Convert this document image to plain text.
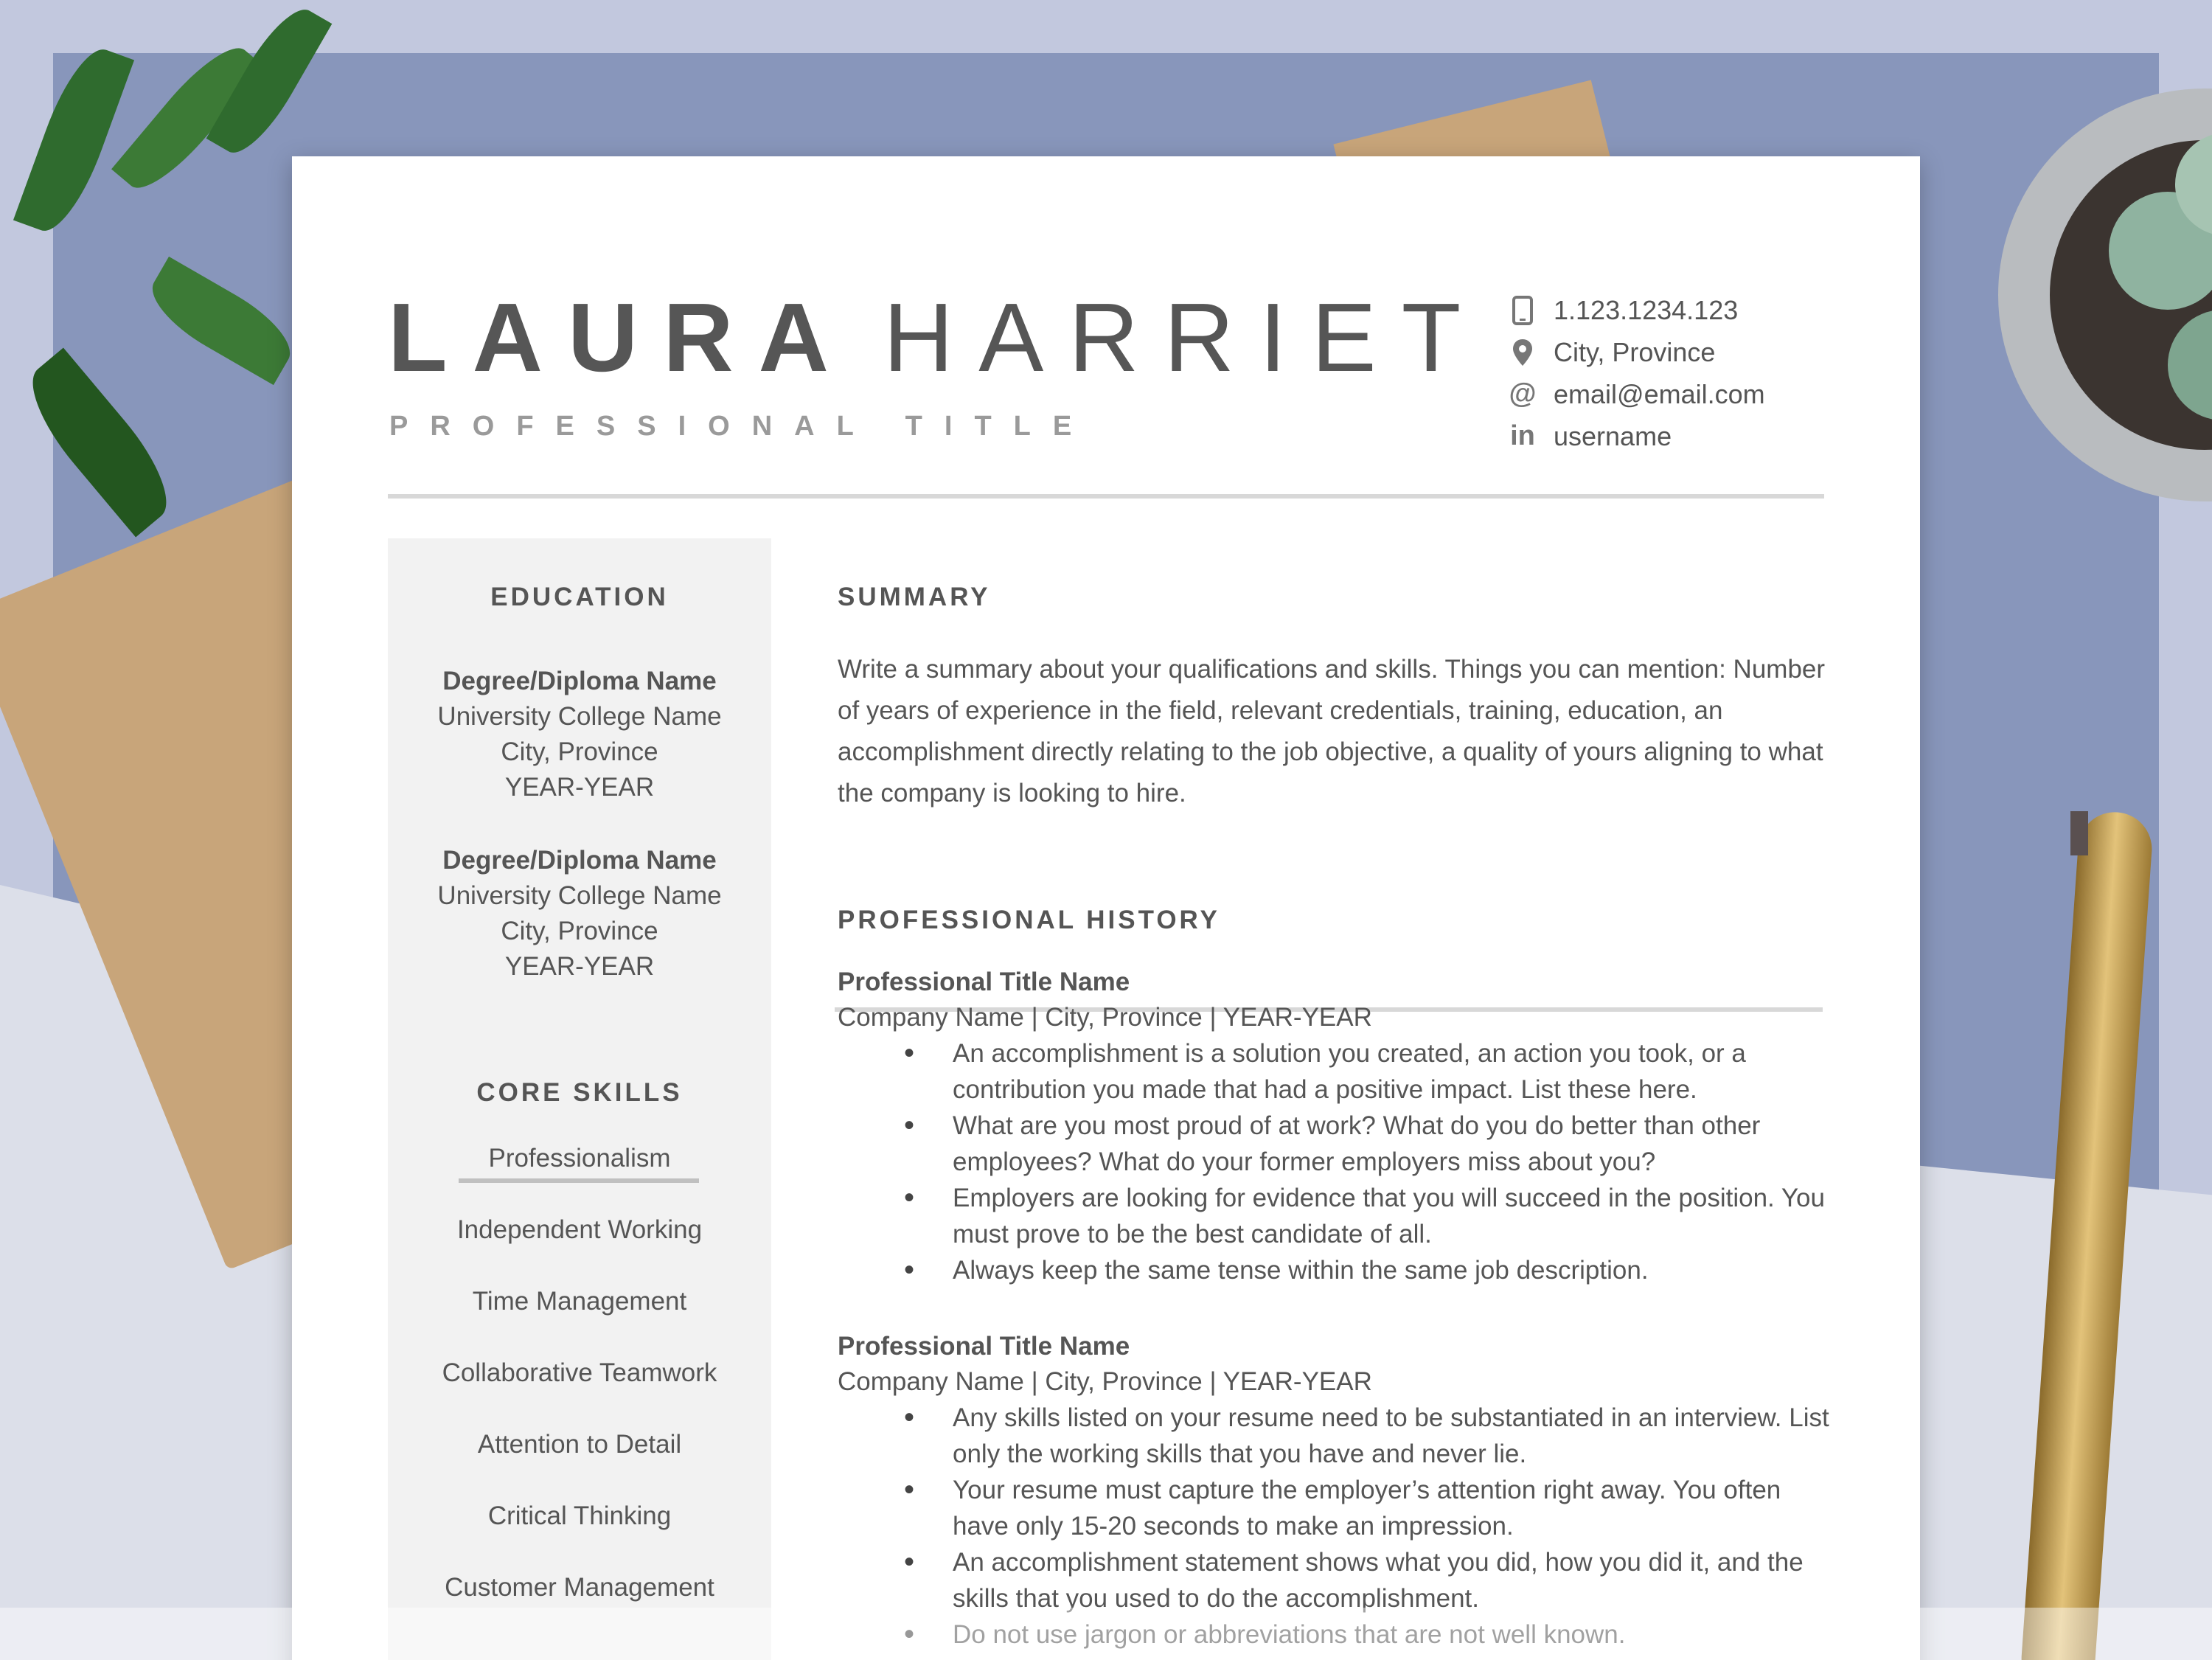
LAURA HARRIET
PROFESSIONAL TITLE
1.123.1234.123
City, Province
@ email@email.com
in username
EDUCATION
Degree/Diploma Name
University College Name
City, Province
YEAR-YEAR
Degree/Diploma Name
University College Name
City, Province
YEAR-YEAR
CORE SKILLS
Professionalism
Independent Working
Time Management
Collaborative Teamwork
Attention to Detail
Critical Thinking
Customer Management
SUMMARY

Write a summary about your qualifications and skills. Things you can mention: Number of years of experience in the field, relevant credentials, training, education, an accomplishment directly relating to the job objective, a quality of yours aligning to what the company is looking to hire.

PROFESSIONAL HISTORY
Professional Title Name
Company Name | City, Province | YEAR-YEAR
• An accomplishment is a solution you created, an action you took, or a contribution you made that had a positive impact. List these here.
• What are you most proud of at work? What do you do better than other employees? What do your former employers miss about you?
• Employers are looking for evidence that you will succeed in the position. You must prove to be the best candidate of all.
• Always keep the same tense within the same job description.
Professional Title Name
Company Name | City, Province | YEAR-YEAR
• Any skills listed on your resume need to be substantiated in an interview. List only the working skills that you have and never lie.
• Your resume must capture the employer’s attention right away. You often have only 15-20 seconds to make an impression.
• An accomplishment statement shows what you did, how you did it, and the skills that you used to do the accomplishment.
• Do not use jargon or abbreviations that are not well known.
